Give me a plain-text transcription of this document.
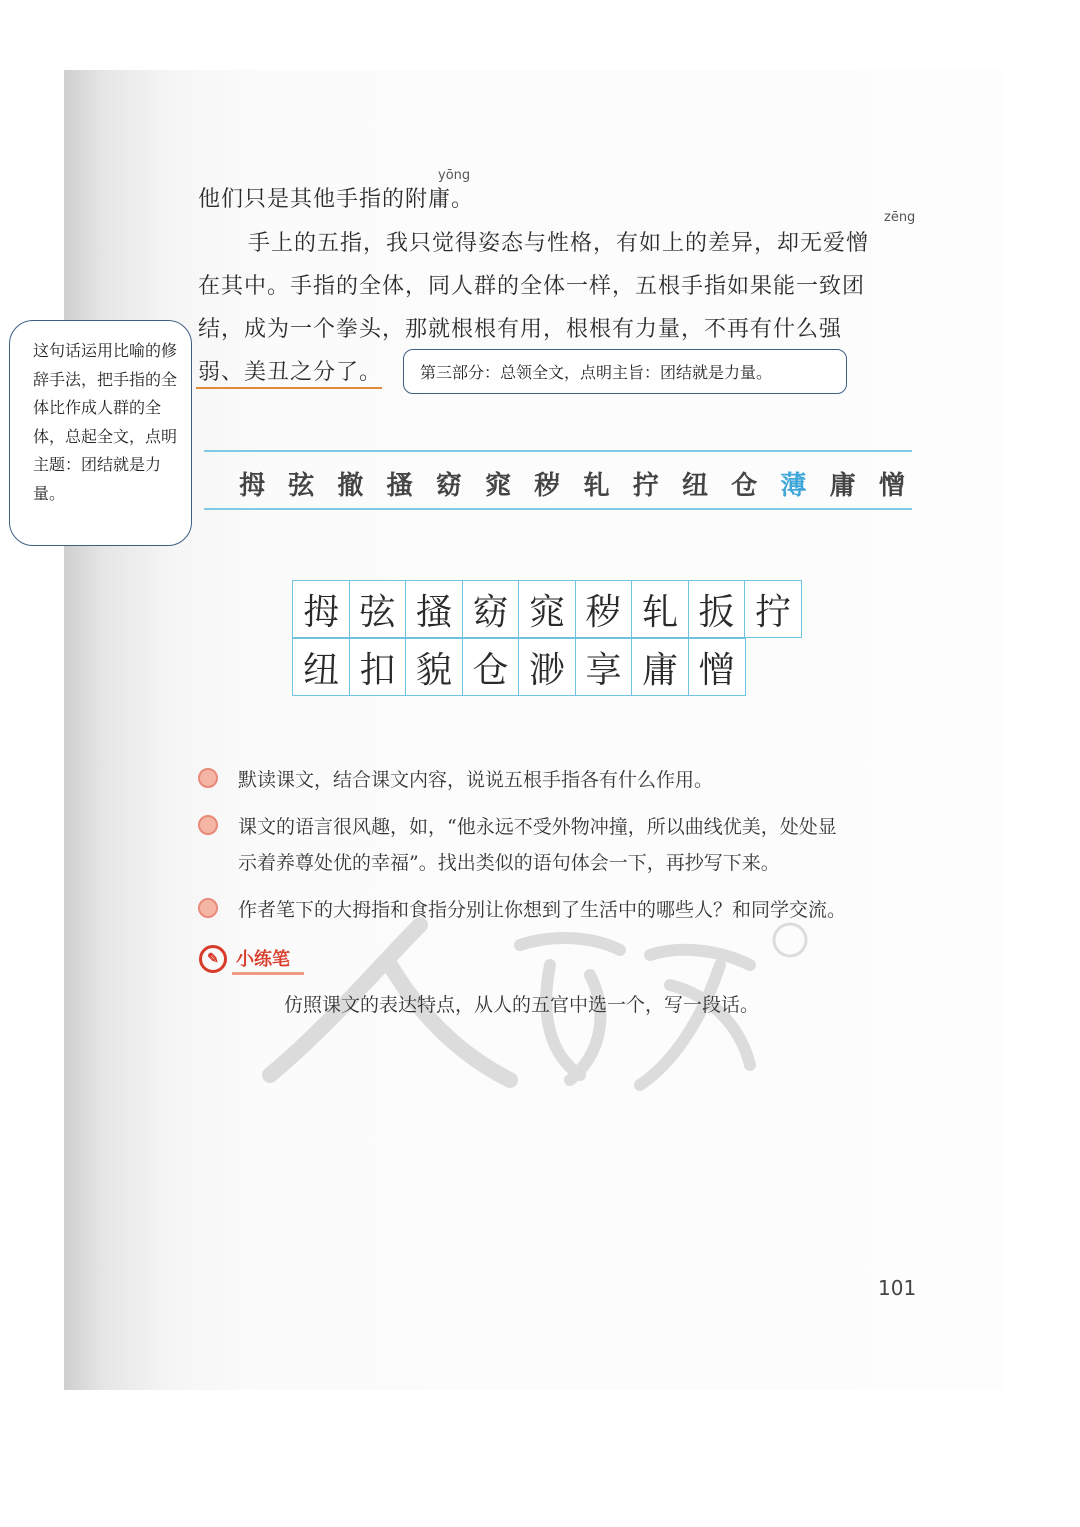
yōng
他们只是其他手指的附庸。
zēng
手上的五指，我只觉得姿态与性格，有如上的差异，却无爱憎
在其中。手指的全体，同人群的全体一样，五根手指如果能一致团
结，成为一个拳头，那就根根有用，根根有力量，不再有什么强
弱、美丑之分了。
这句话运用比喻的修辞手法，把手指的全体比作成人群的全体，总起全文，点明主题：团结就是力量。
第三部分：总领全文，点明主旨：团结就是力量。
拇 弦 撤 搔 窈 窕 秽 轧 拧 纽 仓 薄 庸 憎
拇 弦 搔 窈 窕 秽 轧 扳 拧
纽 扣 貌 仓 渺 享 庸 憎
默读课文，结合课文内容，说说五根手指各有什么作用。
课文的语言很风趣，如，“他永远不受外物冲撞，所以曲线优美，处处显
示着养尊处优的幸福”。找出类似的语句体会一下，再抄写下来。
作者笔下的大拇指和食指分别让你想到了生活中的哪些人？和同学交流。
✎ 小练笔
仿照课文的表达特点，从人的五官中选一个，写一段话。
101
